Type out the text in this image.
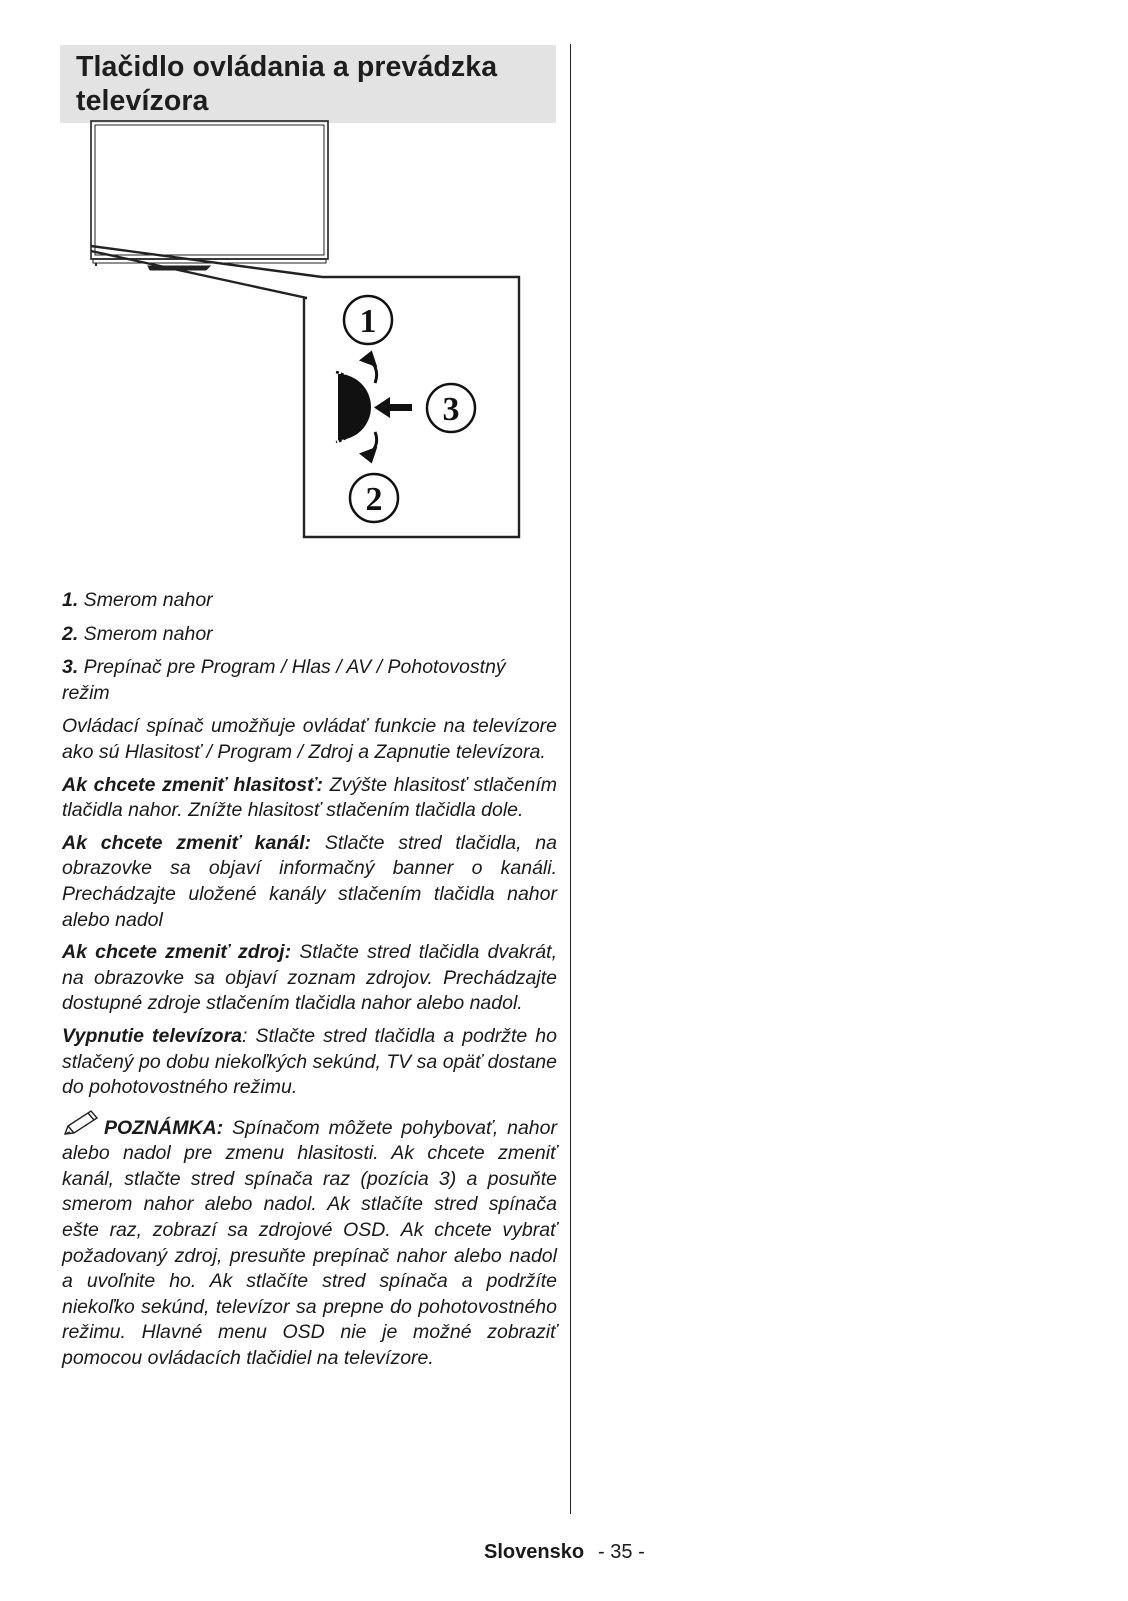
Tlačidlo ovládania a prevádzka televízora
1
2
3

1. Smerom nahor

2. Smerom nahor

3. Prepínač pre Program / Hlas / AV / Pohotovostný režim

Ovládací spínač umožňuje ovládať funkcie na televízore ako sú Hlasitosť / Program / Zdroj a Zapnutie televízora.

Ak chcete zmeniť hlasitosť: Zvýšte hlasitosť stlačením tlačidla nahor. Znížte hlasitosť stlačením tlačidla dole.

Ak chcete zmeniť kanál: Stlačte stred tlačidla, na obrazovke sa objaví informačný banner o kanáli. Prechádzajte uložené kanály stlačením tlačidla nahor alebo nadol

Ak chcete zmeniť zdroj: Stlačte stred tlačidla dvakrát, na obrazovke sa objaví zoznam zdrojov. Prechádzajte dostupné zdroje stlačením tlačidla nahor alebo nadol.

Vypnutie televízora: Stlačte stred tlačidla a podržte ho stlačený po dobu niekoľkých sekúnd, TV sa opäť dostane do pohotovostného režimu.

POZNÁMKA: Spínačom môžete pohybovať, nahor alebo nadol pre zmenu hlasitosti. Ak chcete zmeniť kanál, stlačte stred spínača raz (pozícia 3) a posuňte smerom nahor alebo nadol. Ak stlačíte stred spínača ešte raz, zobrazí sa zdrojové OSD. Ak chcete vybrať požadovaný zdroj, presuňte prepínač nahor alebo nadol a uvoľnite ho. Ak stlačíte stred spínača a podržíte niekoľko sekúnd, televízor sa prepne do pohotovostného režimu. Hlavné menu OSD nie je možné zobraziť pomocou ovládacích tlačidiel na televízore.

Slovensko - 35 -
